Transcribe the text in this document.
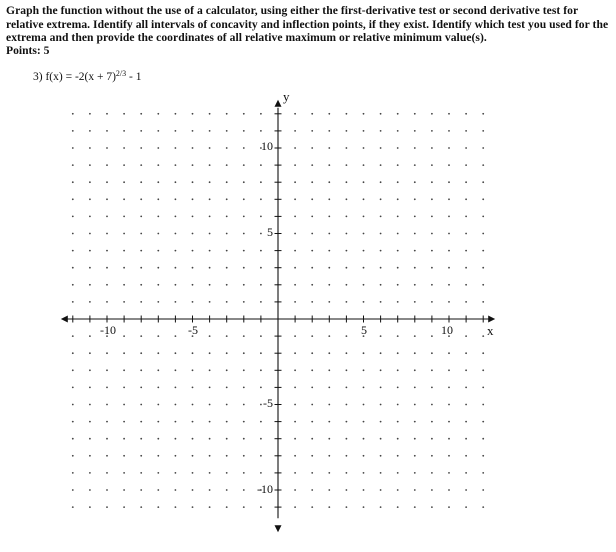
Graph the function without the use of a calculator, using either the first-derivative test or second derivative test for relative extrema. Identify all intervals of concavity and inflection points, if they exist. Identify which test you used for the extrema and then provide the coordinates of all relative maximum or relative minimum value(s).

Points: 5
3) $f(x) = -2(x + 7)^{2/3} - 1$
-10	-5	5	10
10
5
-5
-10
x
y
